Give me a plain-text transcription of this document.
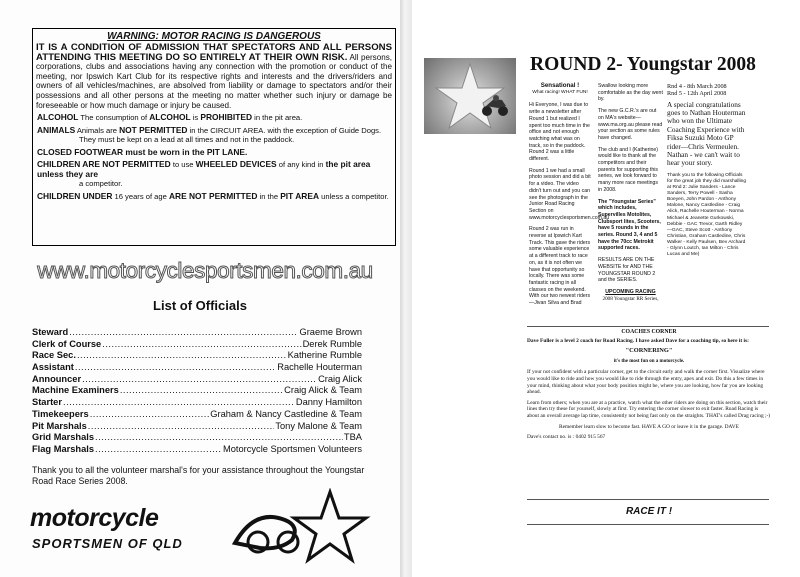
WARNING: MOTOR RACING IS DANGEROUS
IT IS A CONDITION OF ADMISSION THAT SPECTATORS AND ALL PERSONS ATTENDING THIS MEETING DO SO ENTIRELY AT THEIR OWN RISK. All persons, corporations, clubs and associations having any connection with the promotion or conduct of the meeting, nor Ipswich Kart Club for its respective rights and interests and the drivers/riders and owners of all vehicles/machines, are absolved from liability or damage to spectators and/or their possessions and all other persons at the meeting no matter whether such injury or damage be foreseeable or how much damage or injury be caused.
ALCOHOL The consumption of ALCOHOL is PROHIBITED in the pit area.
ANIMALS Animals are NOT PERMITTED in the CIRCUIT AREA. with the exception of Guide Dogs.
They must be kept on a lead at all times and not in the paddock.
CLOSED FOOTWEAR must be worn in the PIT LANE.
CHILDREN ARE NOT PERMITTED to use WHEELED DEVICES of any kind in the pit area unless they are
a competitor.
CHILDREN UNDER 16 years of age ARE NOT PERMITTED in the PIT AREA unless a competitor.
www.motorcyclesportsmen.com.au
List of Officials
Steward .....	Graeme Brown
Clerk of Course .....	Derek Rumble
Race Sec. .....	Katherine Rumble
Assistant .....	Rachelle Houterman
Announcer .....	Craig Alick
Machine Examiners .....	Craig Alick & Team
Starter .....	Danny Hamilton
Timekeepers .....	Graham & Nancy Castledine & Team
Pit Marshals .....	Tony Malone & Team
Grid Marshals .....	TBA
Flag Marshals .....	Motorcycle Sportsmen Volunteers
Thank you to all the volunteer marshal's for your assistance throughout the Youngstar Road Race Series 2008.
motorcycle
SPORTSMEN OF QLD
ROUND 2- Youngstar 2008
Sensational !
What racing! WHAT FUN!

Hi Everyone, I was due to write a newsletter after Round 1 but realized I spent too much time in the office and not enough watching what was on track, so in the paddock. Round 2 was a little different.

Round 1 we had a small photo session and did a bit for a video. The video didn't turn out and you can see the photograph in the Junior Road Racing Section on www.motorcyclesportsmen.com.au

Round 2 was run in reverse at Ipswich Kart Track. This gave the riders some valuable experience at a different track to race on, as it is not often we have that opportunity so locally. There was some fantastic racing in all classes on the weekend. With our two newest riders—Jivan Silva and Brad

Swallow looking more comfortable as the day went by.

The new G.C.R.'s are out on MA's website—www.ma.org.au please read your section as some rules have changed.

The club and I (Katherine) would like to thank all the competitors and their parents for supporting this series, we look forward to many more race meetings in 2008.

The "Youngstar Series" which includes, Supervilles Motolites, Clubsport lites, Scooters, have 5 rounds in the series. Round 3, 4 and 5 have the 70cc Metrokit supported races.

RESULTS ARE ON THE WEBSITE for AND THE YOUNGSTAR ROUND 2 and the SERIES.

UPCOMING RACING
2008 Youngstar RR Series,
Rnd 4 - 8th March 2008
Rnd 5 - 12th April 2008
A special congratulations goes to Nathan Houterman who won the Ultimate Coaching Experience with Fiksa Suzuki Moto GP rider—Chris Vermeulen. Nathan - we can't wait to hear your story.
Thank you to the following Officials for the great job they did marshalling at Rnd 2: Julie Sanders - Lance Sanders, Terry Powell - Sasha Boeyen, John Pardon - Anthony Malone, Nancy Castledine - Craig Alick, Rachelle Houterman - Norma Michael & Jeanette Gurkowski, Debbie - GAC Trevor, Garth Ridley—GAC, Steve Scott - Anthony Christian, Graham Castledine, Chris Walker - Kelly Paulsen, Bev Archard - Glynn Loutch, Ian Milton - Chris Lucas and Me)
COACHES CORNER

Dave Fuller is a level 2 coach for Road Racing. I have asked Dave for a coaching tip, so here it is:

"CORNERING"

it's the most fun on a motorcycle.

If your not confident with a particular corner, get to the circuit early and walk the corner first. Visualize where you would like to ride and how you would like to ride through the entry, apex and exit. Do this a few times in your mind, thinking about what your body position might be, where you are looking, how far you are looking ahead.

Learn from others; when you are at a practice, watch what the other riders are doing on this section, watch their lines then try these for yourself, slowly at first. Try entering the corner slower to exit faster. Road Racing is about an overall average lap time, consistently not being fast only on the straights. THAT's called Drag racing ;-)

Remember learn slow to become fast. HAVE A GO or leave it in the garage. DAVE

Dave's contact no. is : 0402 915 567

RACE IT !
